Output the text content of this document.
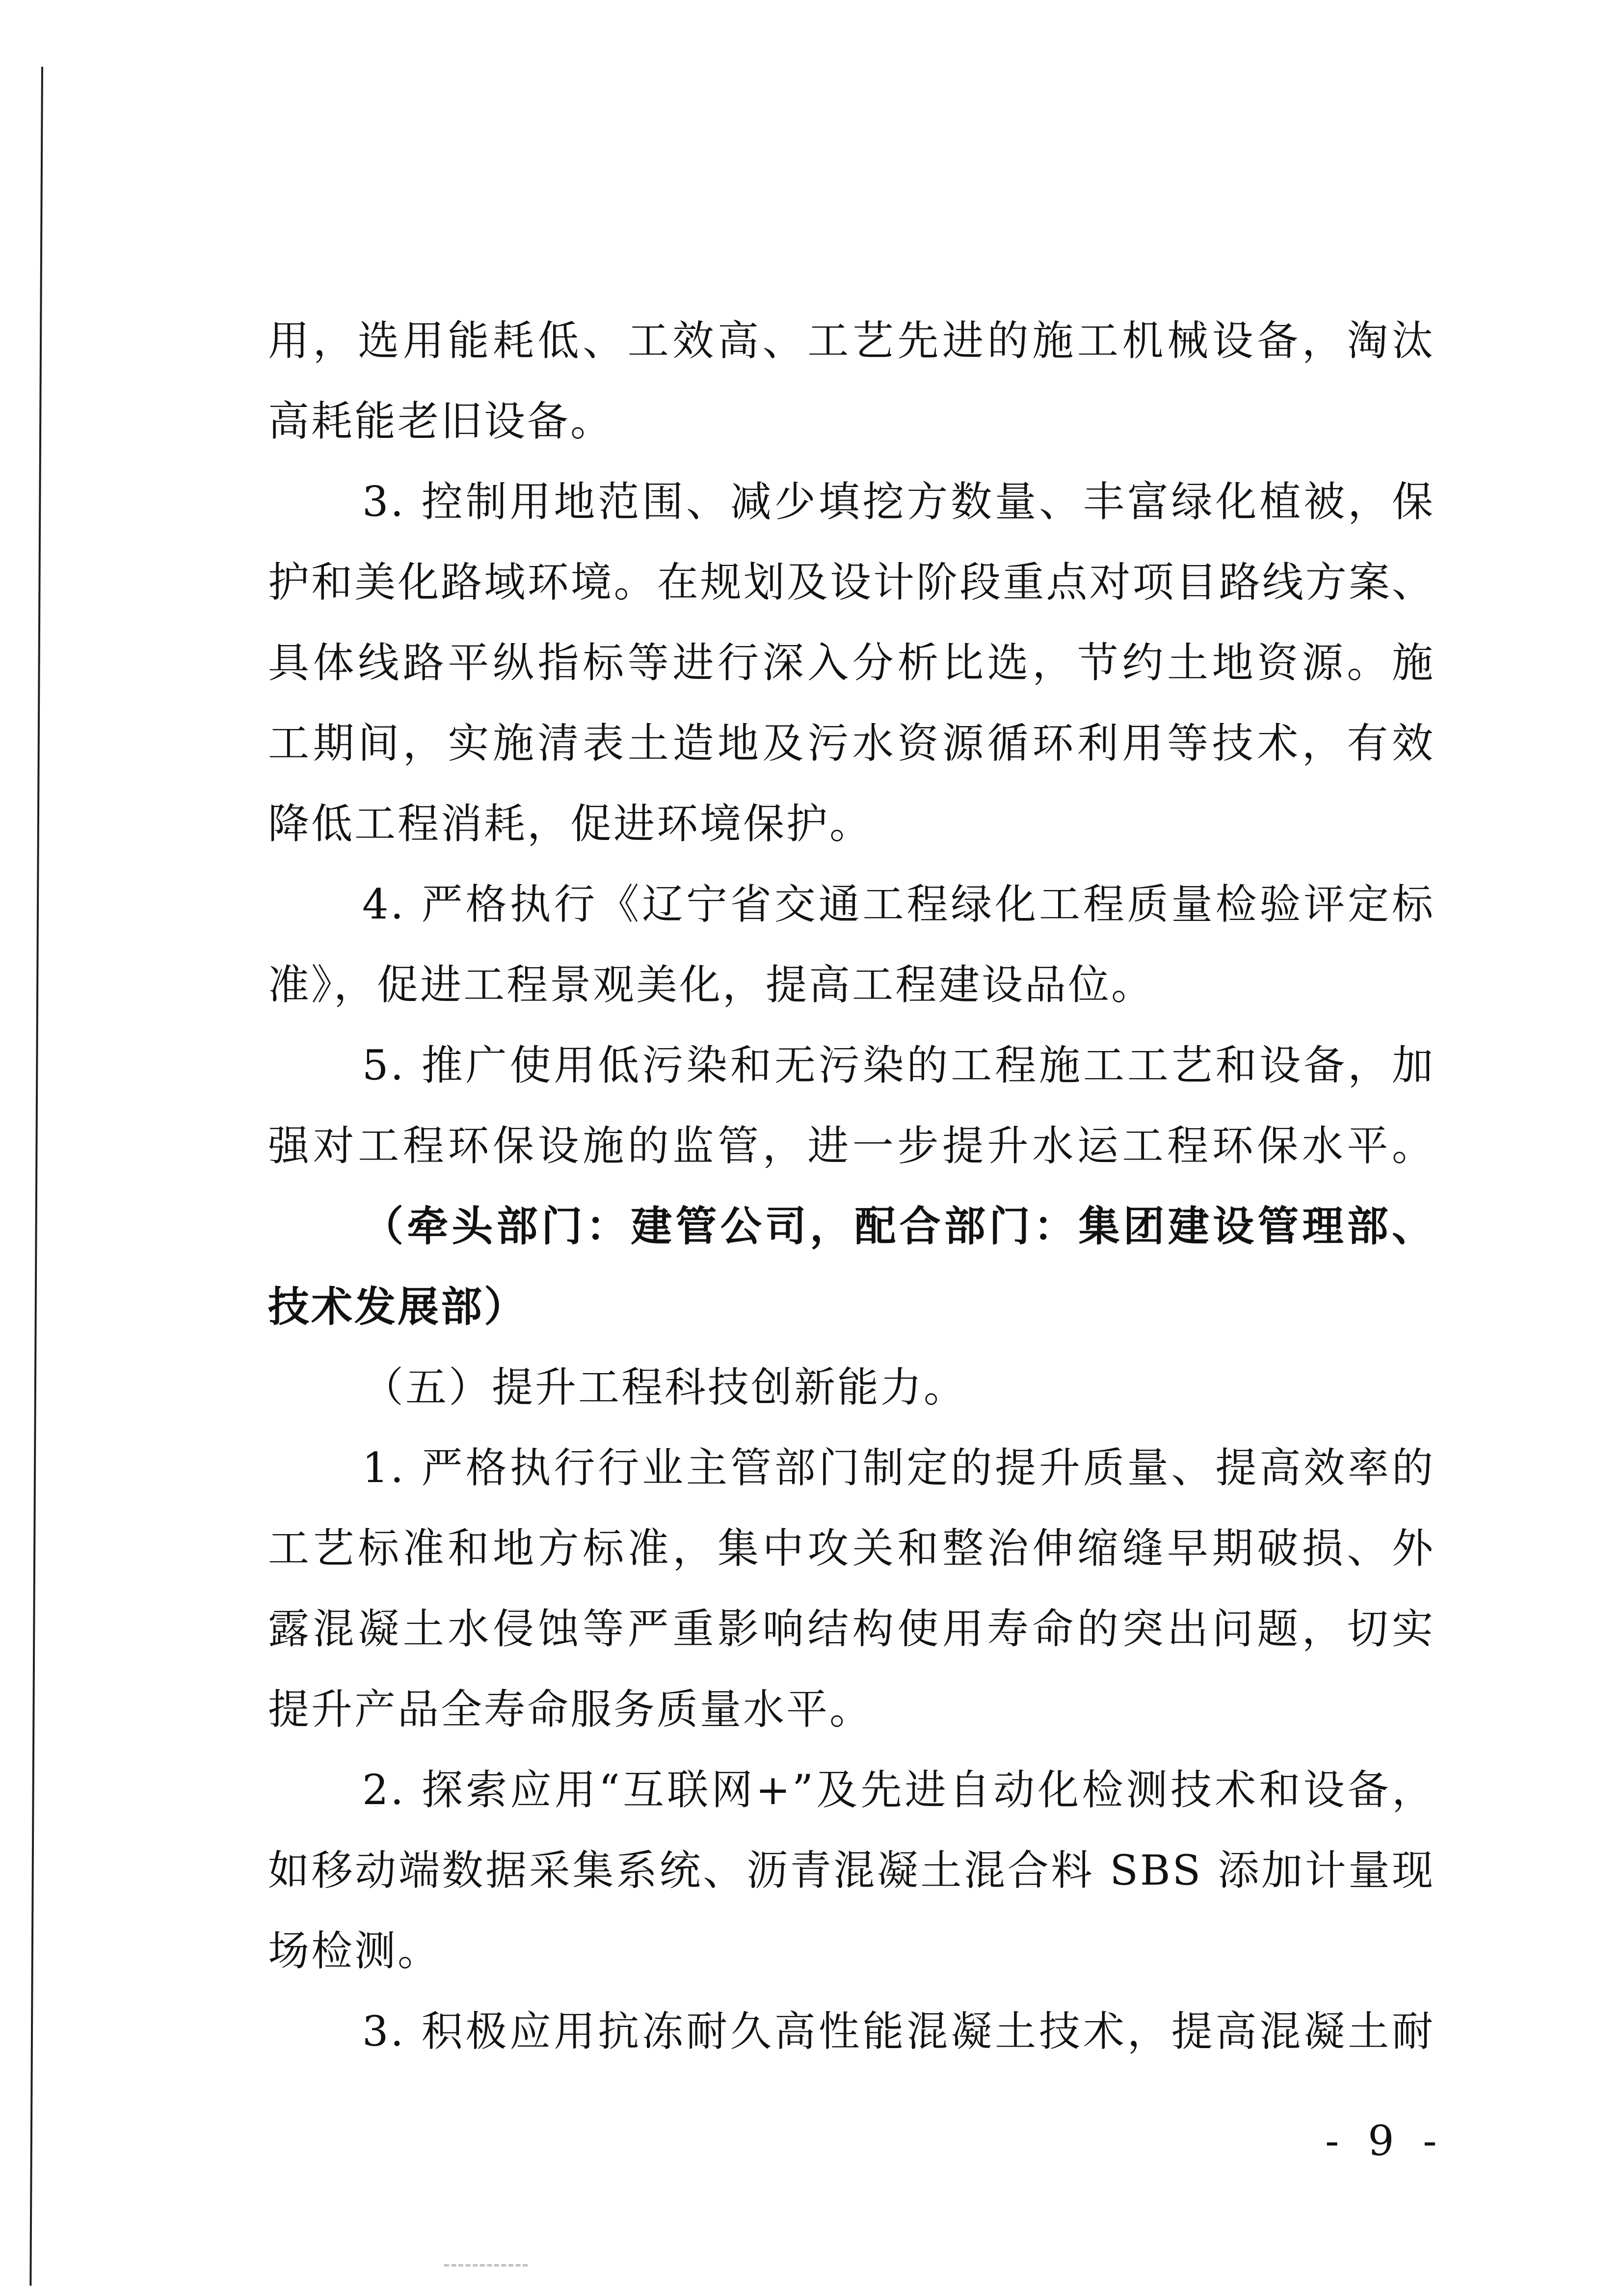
用，选用能耗低、工效高、工艺先进的施工机械设备，淘汰
高耗能老旧设备。
3. 控制用地范围、减少填挖方数量、丰富绿化植被，保
护和美化路域环境。在规划及设计阶段重点对项目路线方案、
具体线路平纵指标等进行深入分析比选，节约土地资源。施
工期间，实施清表土造地及污水资源循环利用等技术，有效
降低工程消耗，促进环境保护。
4. 严格执行《辽宁省交通工程绿化工程质量检验评定标
准》，促进工程景观美化，提高工程建设品位。
5. 推广使用低污染和无污染的工程施工工艺和设备，加
强对工程环保设施的监管，进一步提升水运工程环保水平。
（牵头部门：建管公司，配合部门：集团建设管理部、
技术发展部）
（五）提升工程科技创新能力。
1. 严格执行行业主管部门制定的提升质量、提高效率的
工艺标准和地方标准，集中攻关和整治伸缩缝早期破损、外
露混凝土水侵蚀等严重影响结构使用寿命的突出问题，切实
提升产品全寿命服务质量水平。
2. 探索应用“互联网+”及先进自动化检测技术和设备，
如移动端数据采集系统、沥青混凝土混合料 SBS 添加计量现
场检测。
3. 积极应用抗冻耐久高性能混凝土技术，提高混凝土耐
- 9 -
